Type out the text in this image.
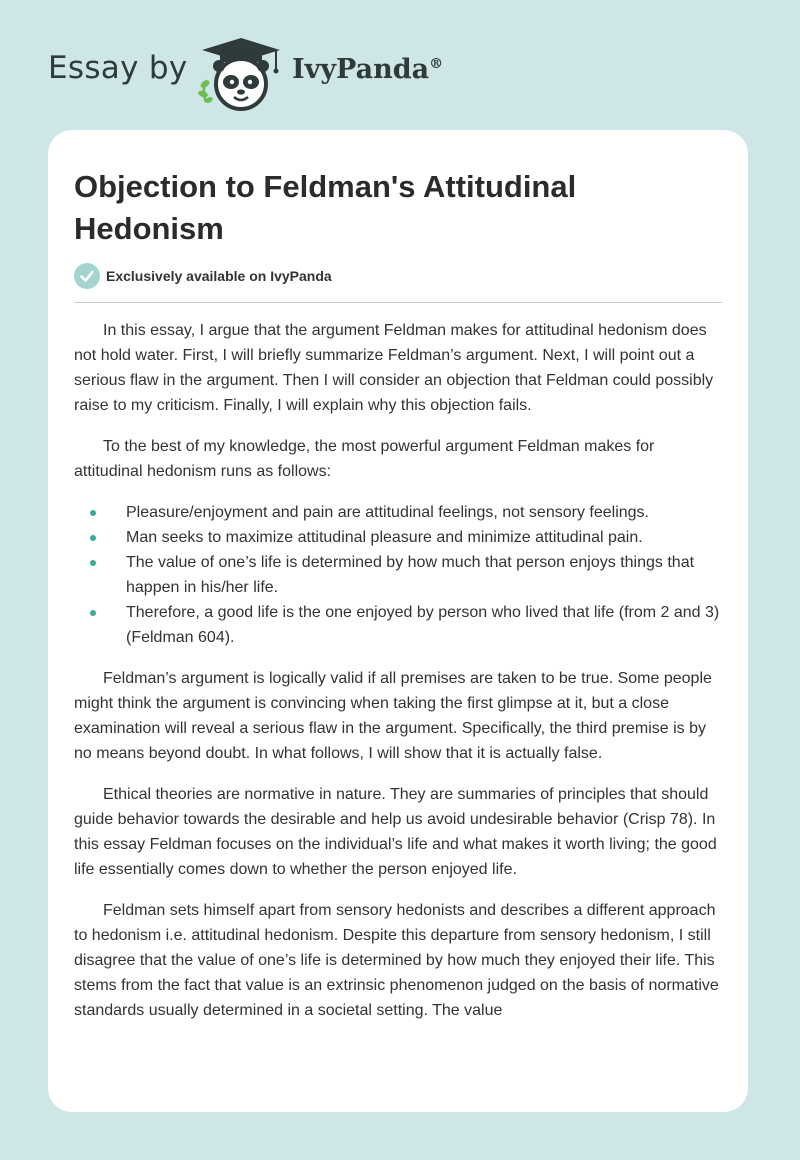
Essay by	IvyPanda®
Objection to Feldman's Attitudinal Hedonism
Exclusively available on IvyPanda

In this essay, I argue that the argument Feldman makes for attitudinal hedonism does not hold water. First, I will briefly summarize Feldman’s argument. Next, I will point out a serious flaw in the argument. Then I will consider an objection that Feldman could possibly raise to my criticism. Finally, I will explain why this objection fails.

To the best of my knowledge, the most powerful argument Feldman makes for attitudinal hedonism runs as follows:

Pleasure/enjoyment and pain are attitudinal feelings, not sensory feelings.
Man seeks to maximize attitudinal pleasure and minimize attitudinal pain.
The value of one’s life is determined by how much that person enjoys things that happen in his/her life.
Therefore, a good life is the one enjoyed by person who lived that life (from 2 and 3) (Feldman 604).

Feldman’s argument is logically valid if all premises are taken to be true. Some people might think the argument is convincing when taking the first glimpse at it, but a close examination will reveal a serious flaw in the argument. Specifically, the third premise is by no means beyond doubt. In what follows, I will show that it is actually false.

Ethical theories are normative in nature. They are summaries of principles that should guide behavior towards the desirable and help us avoid undesirable behavior (Crisp 78). In this essay Feldman focuses on the individual’s life and what makes it worth living; the good life essentially comes down to whether the person enjoyed life.

Feldman sets himself apart from sensory hedonists and describes a different approach to hedonism i.e. attitudinal hedonism. Despite this departure from sensory hedonism, I still disagree that the value of one’s life is determined by how much they enjoyed their life. This stems from the fact that value is an extrinsic phenomenon judged on the basis of normative standards usually determined in a societal setting. The value
